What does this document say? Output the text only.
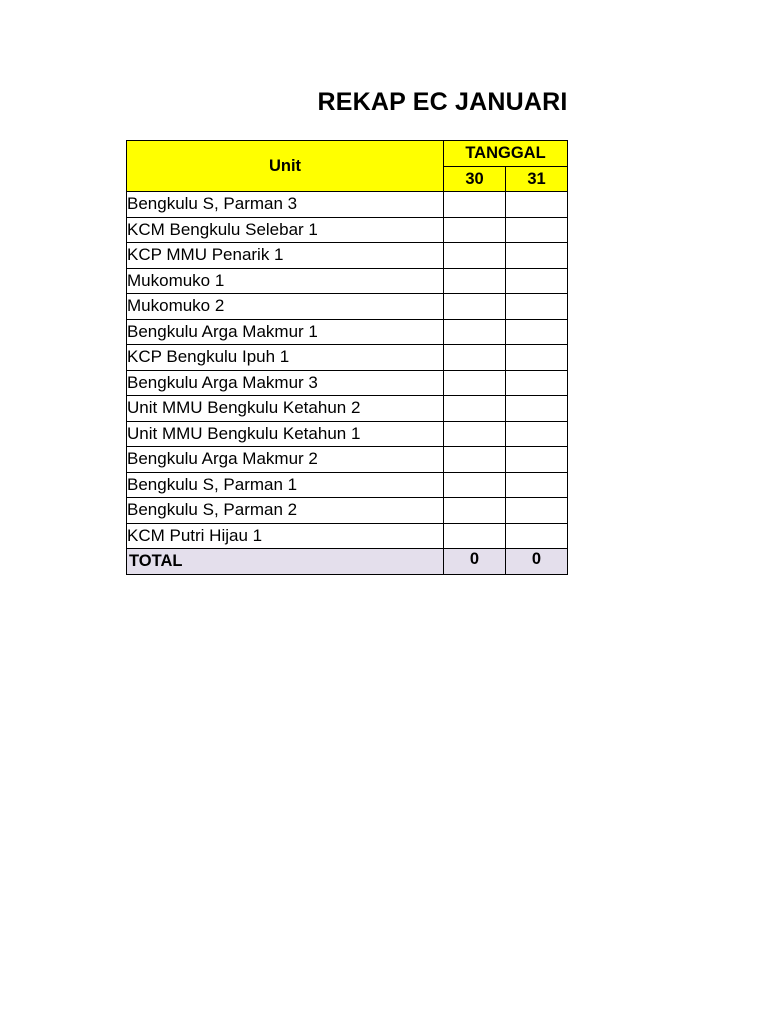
REKAP EC JANUARI
Unit	TANGGAL	
	30	31
Bengkulu S, Parman 3		
KCM Bengkulu Selebar 1		
KCP MMU Penarik 1		
Mukomuko 1		
Mukomuko 2		
Bengkulu Arga Makmur 1		
KCP Bengkulu Ipuh 1		
Bengkulu Arga Makmur 3		
Unit MMU Bengkulu Ketahun 2		
Unit MMU Bengkulu Ketahun 1		
Bengkulu Arga Makmur 2		
Bengkulu S, Parman 1		
Bengkulu S, Parman 2		
KCM Putri Hijau 1		
TOTAL	0	0
